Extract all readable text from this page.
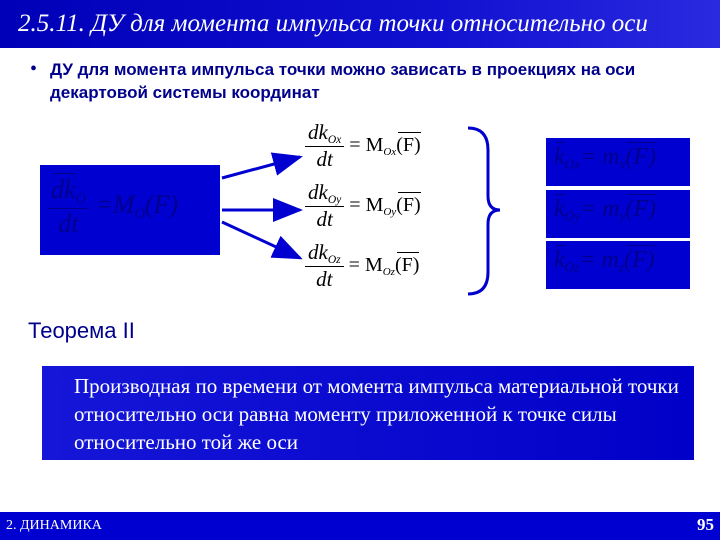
2.5.11. ДУ для момента импульса точки относительно оси
• ДУ для момента импульса точки можно зависать в проекциях на оси декартовой системы координат
$\frac{dk_O}{dt} =M_O(F)$
$\frac{dk_{Ox}}{dt} = M_{Ox}(F)$
$\frac{dk_{Oy}}{dt} = M_{Oy}(F)$
$\frac{dk_{Oz}}{dt} = M_{Oz}(F)$
$k_{Ox}= m_x(F)$
$k_{Oy}= m_y(F)$
$k_{Oz}= m_z(F)$
Теорема II
Производная по времени от момента импульса материальной точки относительно оси равна моменту приложенной к точке силы относительно той же оси
2. ДИНАМИКА	95
